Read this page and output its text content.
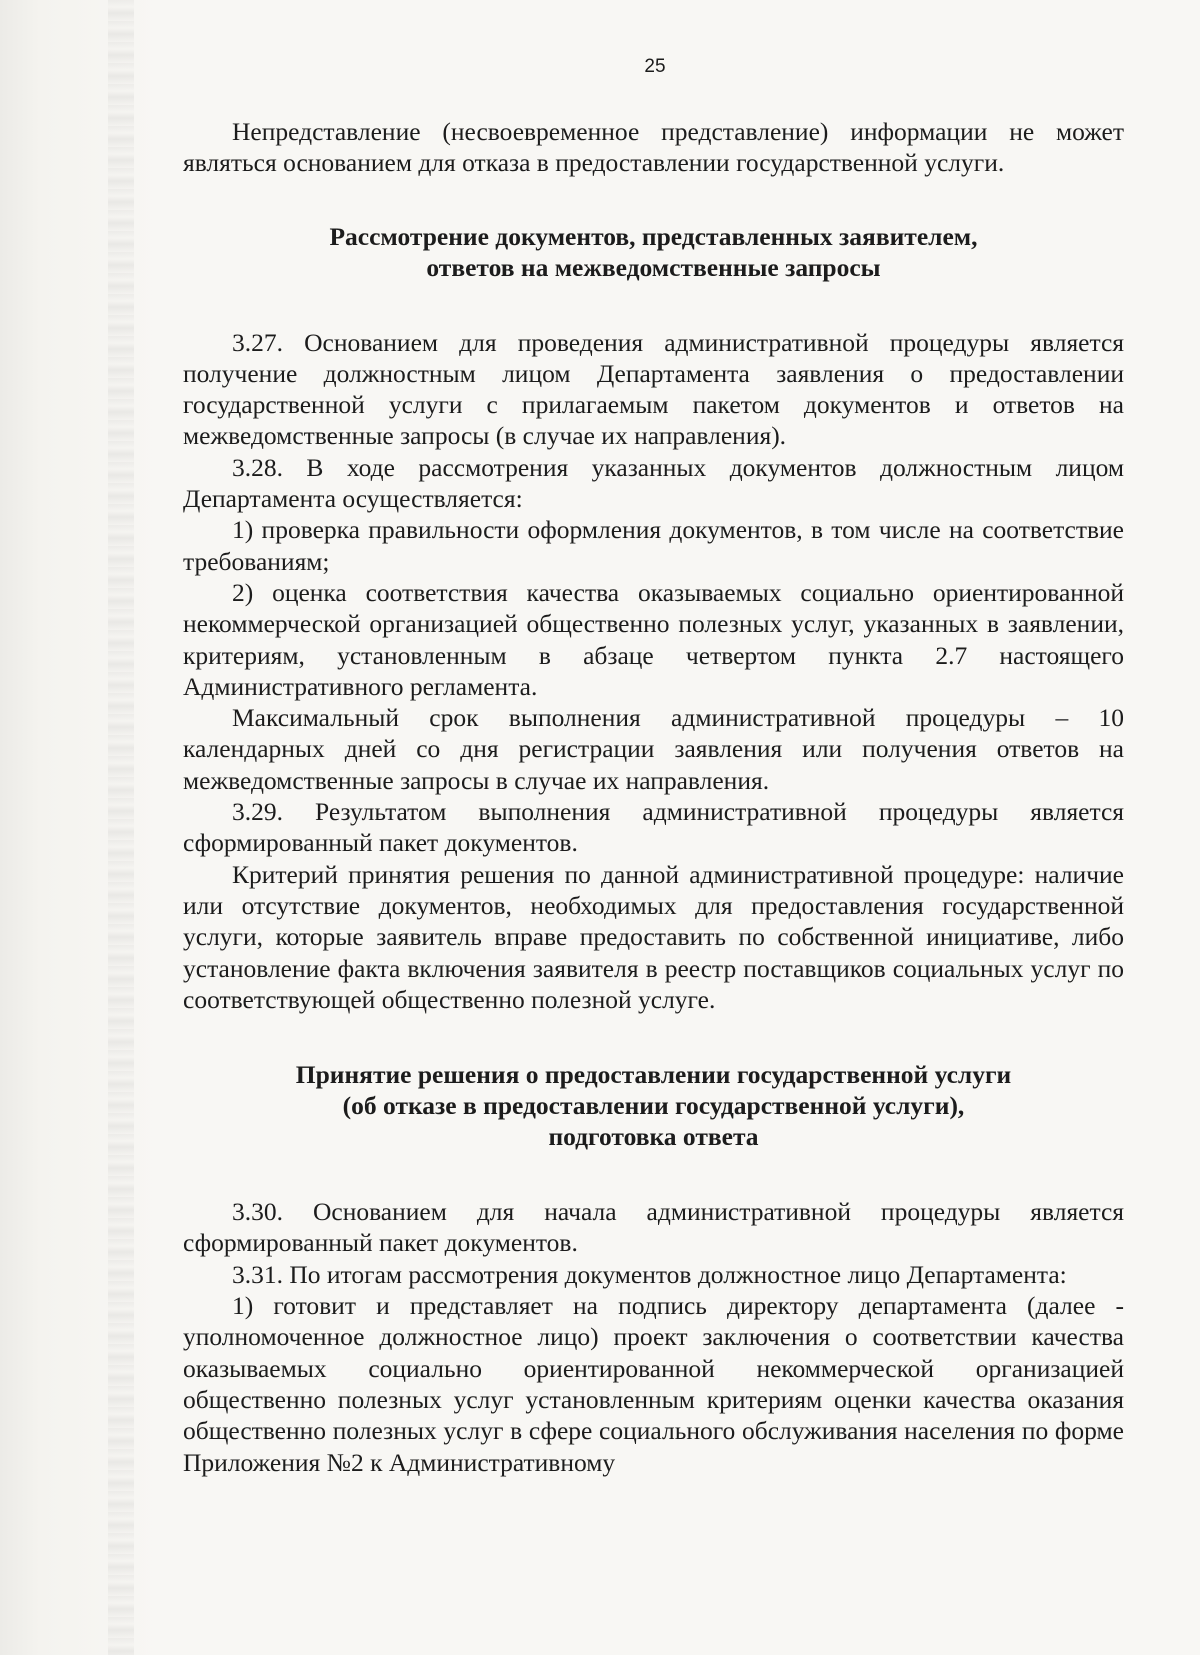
25

Непредставление (несвоевременное представление) информации не может являться основанием для отказа в предоставлении государственной услуги.

Рассмотрение документов, представленных заявителем,
ответов на межведомственные запросы

3.27. Основанием для проведения административной процедуры является получение должностным лицом Департамента заявления о предоставлении государственной услуги с прилагаемым пакетом документов и ответов на межведомственные запросы (в случае их направления).

3.28. В ходе рассмотрения указанных документов должностным лицом Департамента осуществляется:

1) проверка правильности оформления документов, в том числе на соответствие требованиям;

2) оценка соответствия качества оказываемых социально ориентированной некоммерческой организацией общественно полезных услуг, указанных в заявлении, критериям, установленным в абзаце четвертом пункта 2.7 настоящего Административного регламента.

Максимальный срок выполнения административной процедуры – 10 календарных дней со дня регистрации заявления или получения ответов на межведомственные запросы в случае их направления.

3.29. Результатом выполнения административной процедуры является сформированный пакет документов.

Критерий принятия решения по данной административной процедуре: наличие или отсутствие документов, необходимых для предоставления государственной услуги, которые заявитель вправе предоставить по собственной инициативе, либо установление факта включения заявителя в реестр поставщиков социальных услуг по соответствующей общественно полезной услуге.

Принятие решения о предоставлении государственной услуги
(об отказе в предоставлении государственной услуги),
подготовка ответа

3.30. Основанием для начала административной процедуры является сформированный пакет документов.

3.31. По итогам рассмотрения документов должностное лицо Департамента:

1) готовит и представляет на подпись директору департамента (далее - уполномоченное должностное лицо) проект заключения о соответствии качества оказываемых социально ориентированной некоммерческой организацией общественно полезных услуг установленным критериям оценки качества оказания общественно полезных услуг в сфере социального обслуживания населения по форме Приложения №2 к Административному
